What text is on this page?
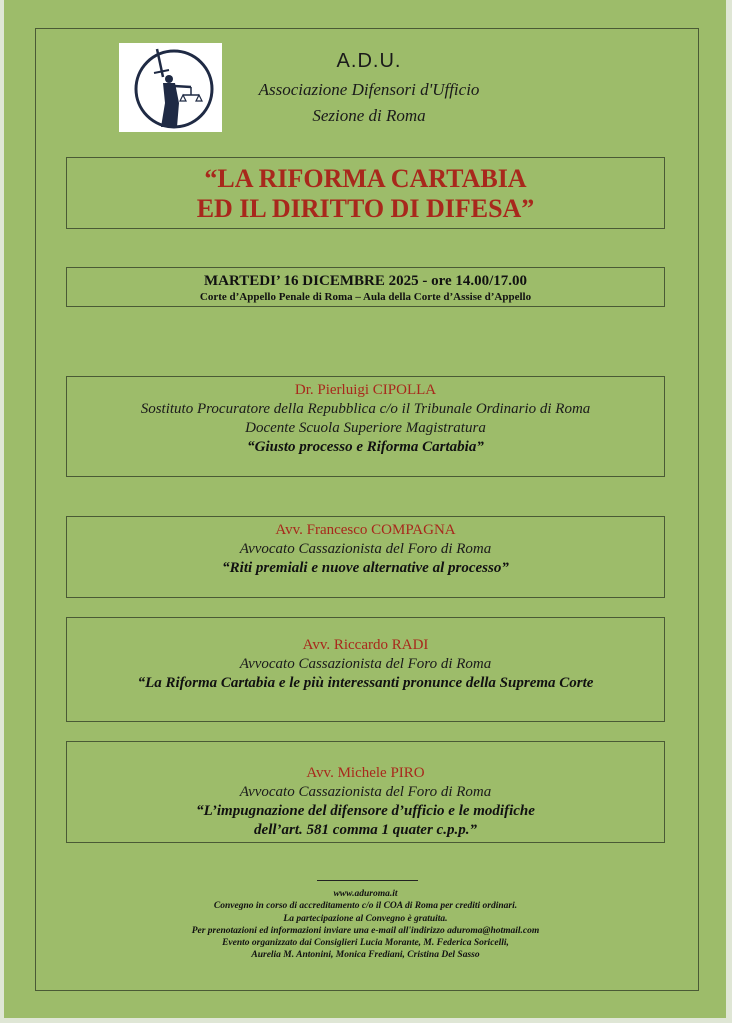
A.D.U.
Associazione Difensori d'Ufficio
Sezione di Roma
“LA RIFORMA CARTABIA
ED IL DIRITTO DI DIFESA”
MARTEDI’ 16 DICEMBRE 2025 - ore 14.00/17.00
Corte d’Appello Penale di Roma – Aula della Corte d’Assise d’Appello
Dr. Pierluigi CIPOLLA
Sostituto Procuratore della Repubblica c/o il Tribunale Ordinario di Roma
Docente Scuola Superiore Magistratura
“Giusto processo e Riforma Cartabia”
Avv. Francesco COMPAGNA
Avvocato Cassazionista del Foro di Roma
“Riti premiali e nuove alternative al processo”
Avv. Riccardo RADI
Avvocato Cassazionista del Foro di Roma
“La Riforma Cartabia e le più interessanti pronunce della Suprema Corte
Avv. Michele PIRO
Avvocato Cassazionista del Foro di Roma
“L’impugnazione del difensore d’ufficio e le modifiche
dell’art. 581 comma 1 quater c.p.p.”
www.aduroma.it
Convegno in corso di accreditamento c/o il COA di Roma per crediti ordinari.
La partecipazione al Convegno è gratuita.
Per prenotazioni ed informazioni inviare una e-mail all'indirizzo aduroma@hotmail.com
Evento organizzato dai Consiglieri Lucia Morante, M. Federica Soricelli,
Aurelia M. Antonini, Monica Frediani, Cristina Del Sasso
